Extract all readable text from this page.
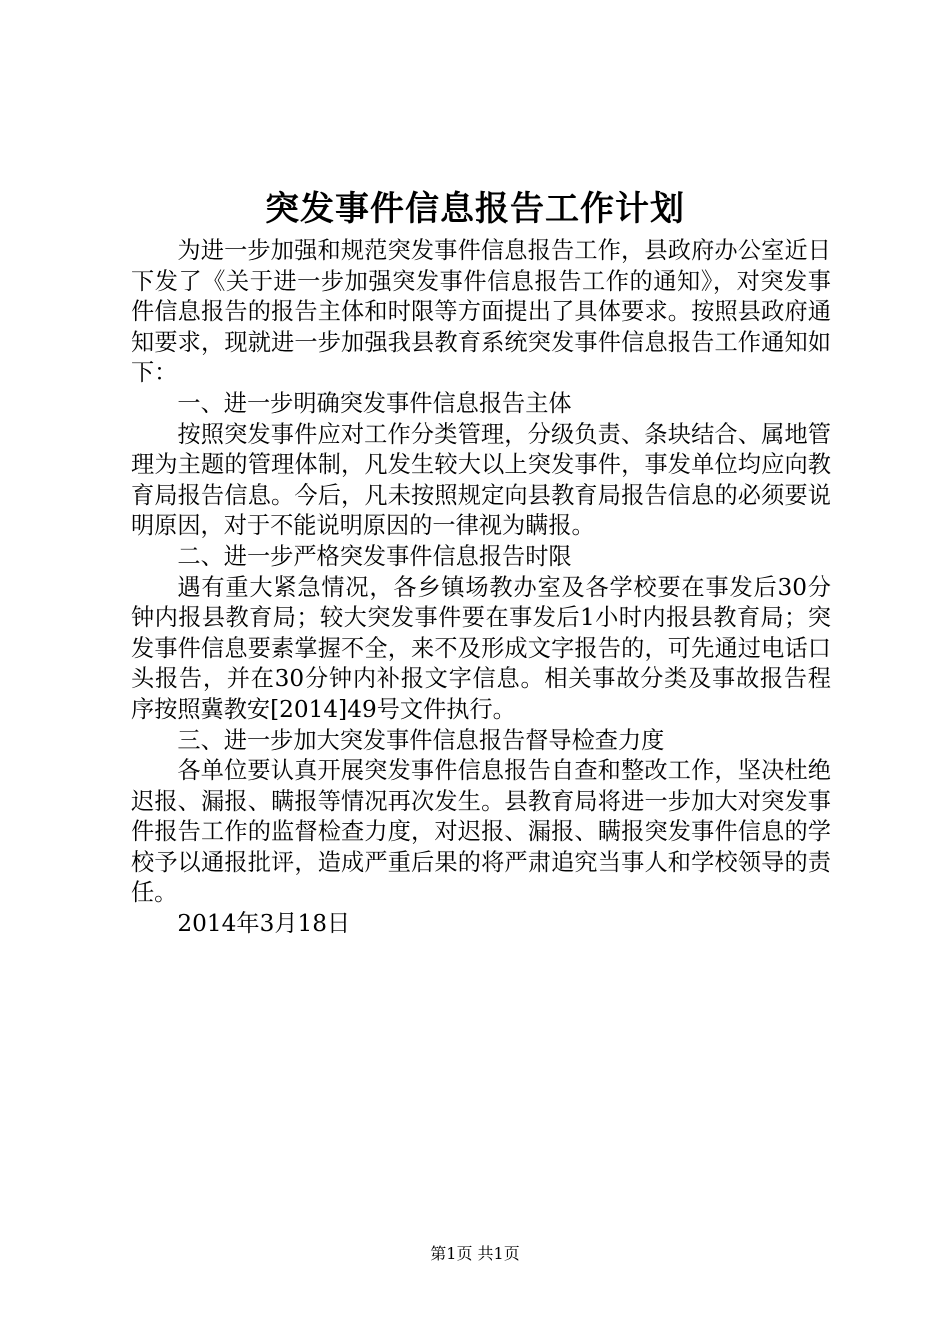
突发事件信息报告工作计划

为进一步加强和规范突发事件信息报告工作，县政府办公室近日下发了《关于进一步加强突发事件信息报告工作的通知》，对突发事件信息报告的报告主体和时限等方面提出了具体要求。按照县政府通知要求，现就进一步加强我县教育系统突发事件信息报告工作通知如下：

一、进一步明确突发事件信息报告主体

按照突发事件应对工作分类管理，分级负责、条块结合、属地管理为主题的管理体制，凡发生较大以上突发事件，事发单位均应向教育局报告信息。今后，凡未按照规定向县教育局报告信息的必须要说明原因，对于不能说明原因的一律视为瞒报。

二、进一步严格突发事件信息报告时限

遇有重大紧急情况，各乡镇场教办室及各学校要在事发后30分钟内报县教育局；较大突发事件要在事发后1小时内报县教育局；突发事件信息要素掌握不全，来不及形成文字报告的，可先通过电话口头报告，并在30分钟内补报文字信息。相关事故分类及事故报告程序按照冀教安[2014]49号文件执行。

三、进一步加大突发事件信息报告督导检查力度

各单位要认真开展突发事件信息报告自查和整改工作，坚决杜绝迟报、漏报、瞒报等情况再次发生。县教育局将进一步加大对突发事件报告工作的监督检查力度，对迟报、漏报、瞒报突发事件信息的学校予以通报批评，造成严重后果的将严肃追究当事人和学校领导的责任。

2014年3月18日

第1页 共1页
